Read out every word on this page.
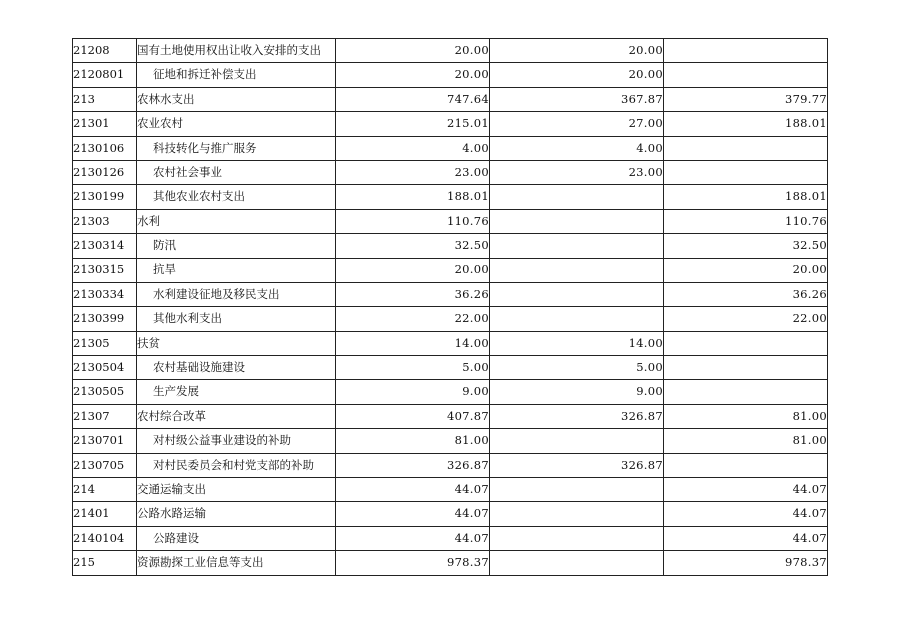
21208	国有土地使用权出让收入安排的支出	20.00	20.00	
2120801	征地和拆迁补偿支出	20.00	20.00	
213	农林水支出	747.64	367.87	379.77
21301	农业农村	215.01	27.00	188.01
2130106	科技转化与推广服务	4.00	4.00	
2130126	农村社会事业	23.00	23.00	
2130199	其他农业农村支出	188.01		188.01
21303	水利	110.76		110.76
2130314	防汛	32.50		32.50
2130315	抗旱	20.00		20.00
2130334	水利建设征地及移民支出	36.26		36.26
2130399	其他水利支出	22.00		22.00
21305	扶贫	14.00	14.00	
2130504	农村基础设施建设	5.00	5.00	
2130505	生产发展	9.00	9.00	
21307	农村综合改革	407.87	326.87	81.00
2130701	对村级公益事业建设的补助	81.00		81.00
2130705	对村民委员会和村党支部的补助	326.87	326.87	
214	交通运输支出	44.07		44.07
21401	公路水路运输	44.07		44.07
2140104	公路建设	44.07		44.07
215	资源勘探工业信息等支出	978.37		978.37
